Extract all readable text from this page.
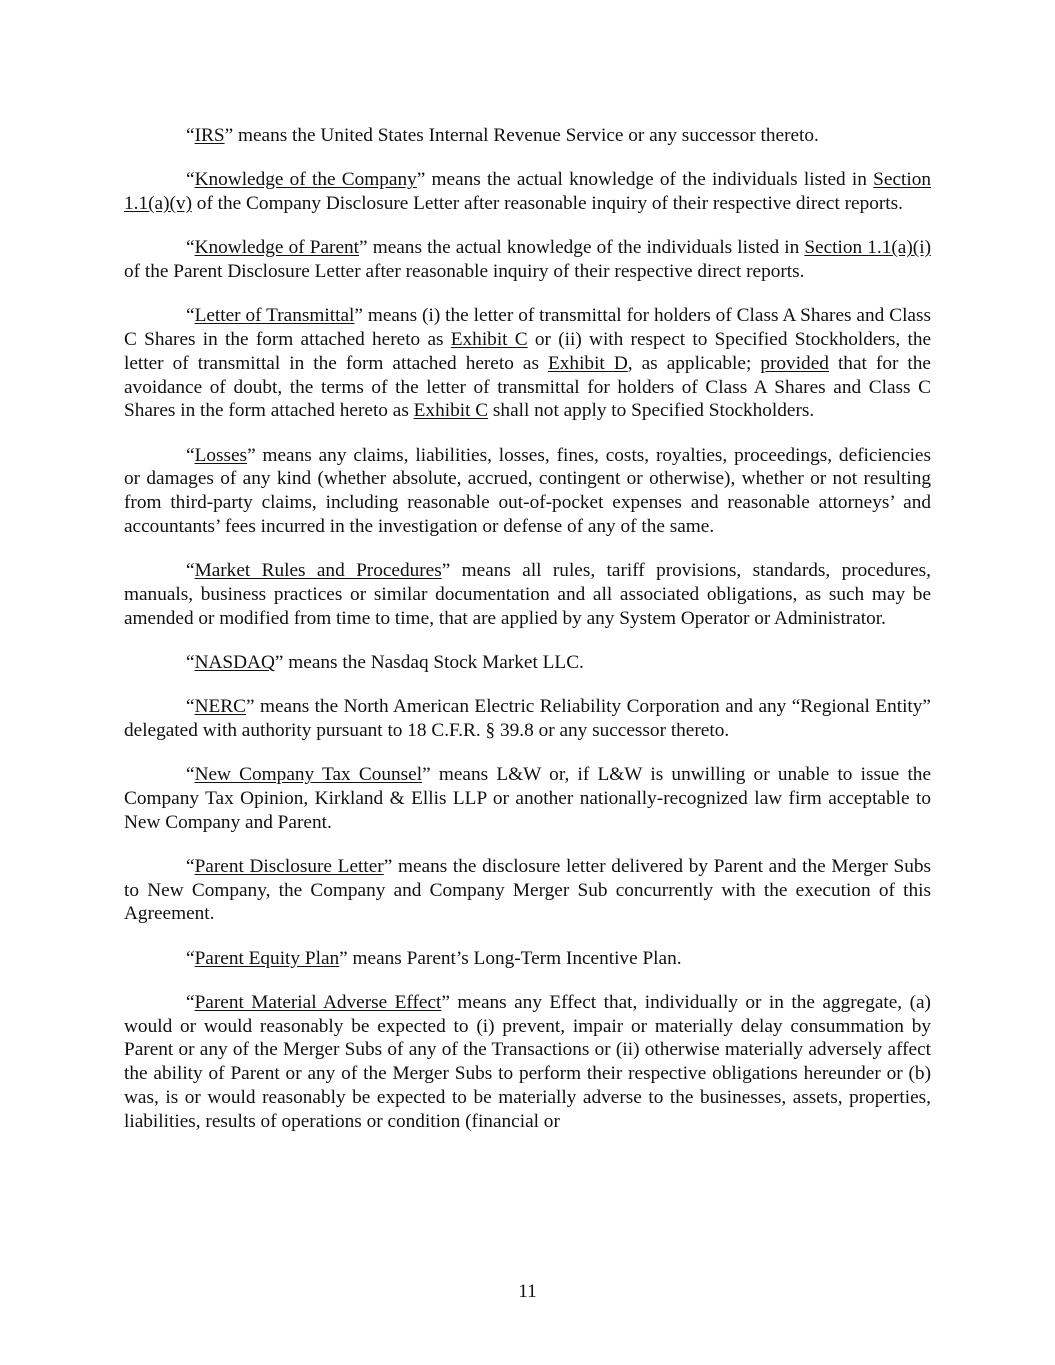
“IRS” means the United States Internal Revenue Service or any successor thereto.

“Knowledge of the Company” means the actual knowledge of the individuals listed in Section 1.1(a)(v) of the Company Disclosure Letter after reasonable inquiry of their respective direct reports.

“Knowledge of Parent” means the actual knowledge of the individuals listed in Section 1.1(a)(i) of the Parent Disclosure Letter after reasonable inquiry of their respective direct reports.

“Letter of Transmittal” means (i) the letter of transmittal for holders of Class A Shares and Class C Shares in the form attached hereto as Exhibit C or (ii) with respect to Specified Stockholders, the letter of transmittal in the form attached hereto as Exhibit D, as applicable; provided that for the avoidance of doubt, the terms of the letter of transmittal for holders of Class A Shares and Class C Shares in the form attached hereto as Exhibit C shall not apply to Specified Stockholders.

“Losses” means any claims, liabilities, losses, fines, costs, royalties, proceedings, deficiencies or damages of any kind (whether absolute, accrued, contingent or otherwise), whether or not resulting from third-party claims, including reasonable out-of-pocket expenses and reasonable attorneys’ and accountants’ fees incurred in the investigation or defense of any of the same.

“Market Rules and Procedures” means all rules, tariff provisions, standards, procedures, manuals, business practices or similar documentation and all associated obligations, as such may be amended or modified from time to time, that are applied by any System Operator or Administrator.

“NASDAQ” means the Nasdaq Stock Market LLC.

“NERC” means the North American Electric Reliability Corporation and any “Regional Entity” delegated with authority pursuant to 18 C.F.R. § 39.8 or any successor thereto.

“New Company Tax Counsel” means L&W or, if L&W is unwilling or unable to issue the Company Tax Opinion, Kirkland & Ellis LLP or another nationally-recognized law firm acceptable to New Company and Parent.

“Parent Disclosure Letter” means the disclosure letter delivered by Parent and the Merger Subs to New Company, the Company and Company Merger Sub concurrently with the execution of this Agreement.

“Parent Equity Plan” means Parent’s Long-Term Incentive Plan.

“Parent Material Adverse Effect” means any Effect that, individually or in the aggregate, (a) would or would reasonably be expected to (i) prevent, impair or materially delay consummation by Parent or any of the Merger Subs of any of the Transactions or (ii) otherwise materially adversely affect the ability of Parent or any of the Merger Subs to perform their respective obligations hereunder or (b) was, is or would reasonably be expected to be materially adverse to the businesses, assets, properties, liabilities, results of operations or condition (financial or

11
